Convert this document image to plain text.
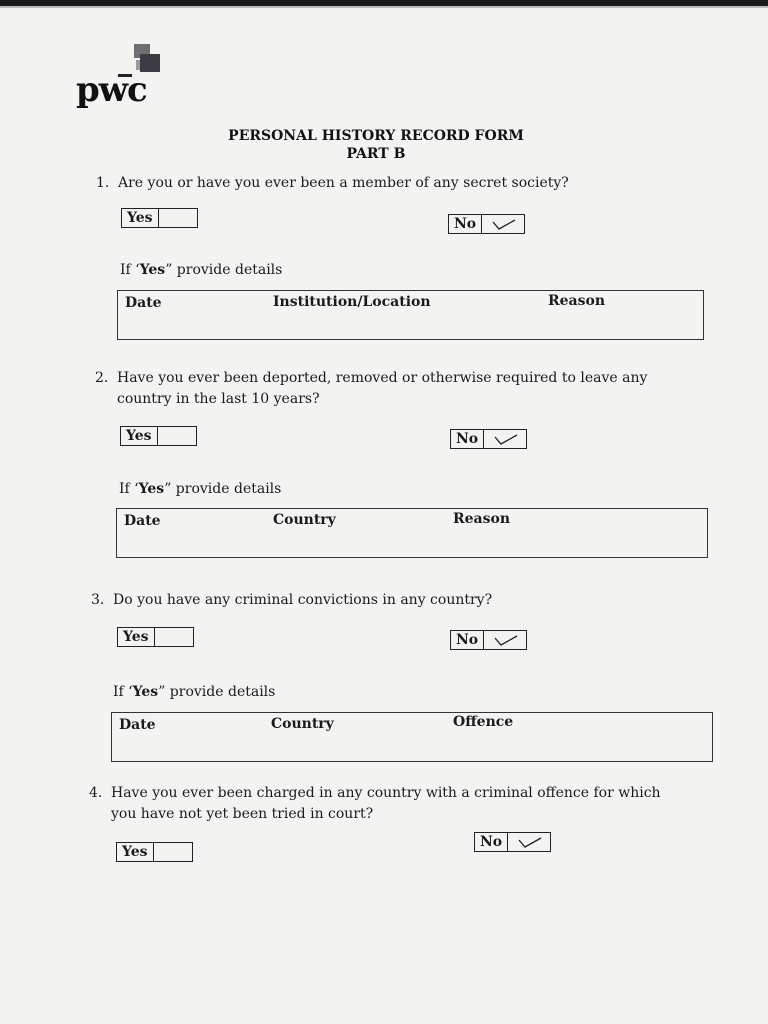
pwc
PERSONAL HISTORY RECORD FORM
PART B
1. Are you or have you ever been a member of any secret society?
Yes	No
If ‘Yes” provide details
Date	Institution/Location	Reason
2. Have you ever been deported, removed or otherwise required to leave any country in the last 10 years?
Yes	No
If ‘Yes” provide details
Date	Country	Reason
3. Do you have any criminal convictions in any country?
Yes	No
If ‘Yes” provide details
Date	Country	Offence
4. Have you ever been charged in any country with a criminal offence for which you have not yet been tried in court?
Yes
No
